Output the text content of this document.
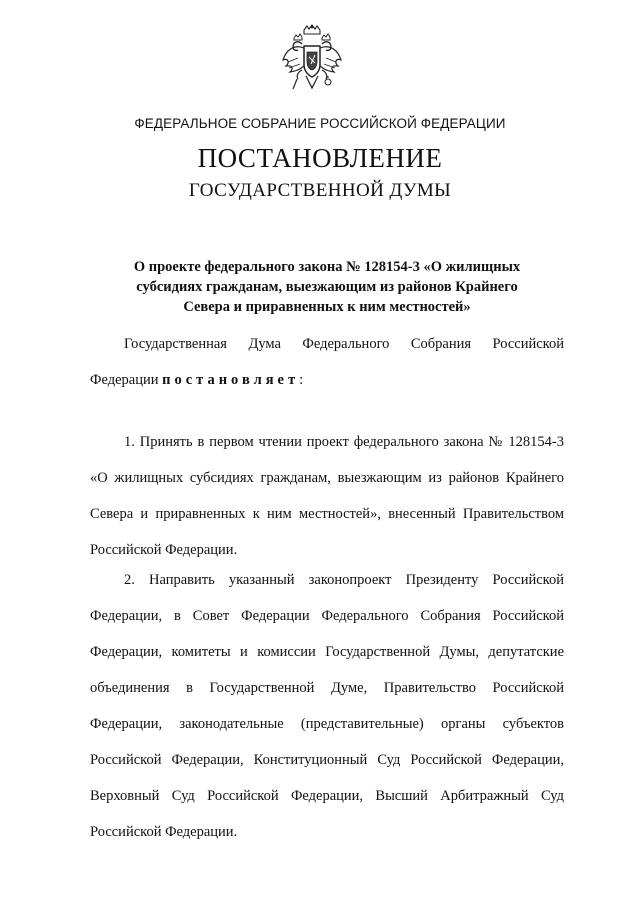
ФЕДЕРАЛЬНОЕ СОБРАНИЕ РОССИЙСКОЙ ФЕДЕРАЦИИ
ПОСТАНОВЛЕНИЕ
ГОСУДАРСТВЕННОЙ ДУМЫ
О проекте федерального закона № 128154-3 «О жилищных
субсидиях гражданам, выезжающим из районов Крайнего
Севера и приравненных к ним местностей»

Государственная Дума Федерального Собрания Российской Федерации постановляет:

1. Принять в первом чтении проект федерального закона № 128154-3 «О жилищных субсидиях гражданам, выезжающим из районов Крайнего Севера и приравненных к ним местностей», внесенный Правительством Российской Федерации.

2. Направить указанный законопроект Президенту Российской Федерации, в Совет Федерации Федерального Собрания Российской Федерации, комитеты и комиссии Государственной Думы, депутатские объединения в Государственной Думе, Правительство Российской Федерации, законодательные (представительные) органы субъектов Российской Федерации, Конституционный Суд Российской Федерации, Верховный Суд Российской Федерации, Высший Арбитражный Суд Российской Федерации.
